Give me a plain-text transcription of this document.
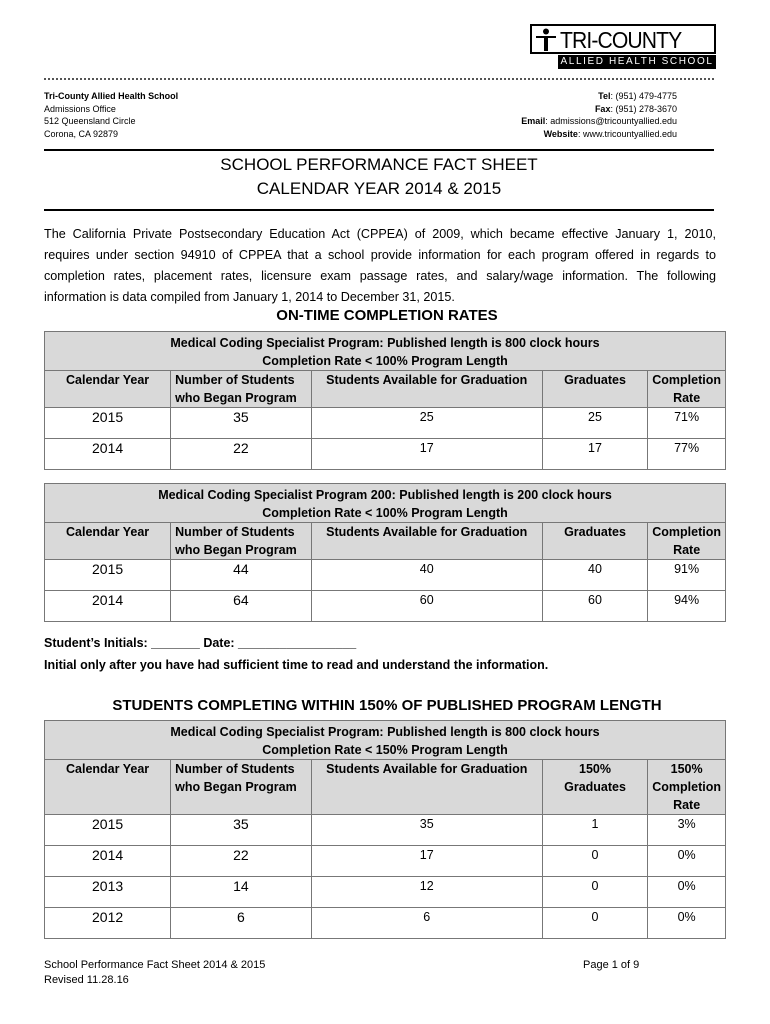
TRI-COUNTY
ALLIED HEALTH SCHOOL
Tri-County Allied Health School
Admissions Office
512 Queensland Circle
Corona, CA 92879
Tel: (951) 479-4775
Fax: (951) 278-3670
Email: admissions@tricountyallied.edu
Website: www.tricountyallied.edu
SCHOOL PERFORMANCE FACT SHEET
CALENDAR YEAR 2014 & 2015
The California Private Postsecondary Education Act (CPPEA) of 2009, which became effective January 1, 2010, requires under section 94910 of CPPEA that a school provide information for each program offered in regards to completion rates, placement rates, licensure exam passage rates, and salary/wage information. The following information is data compiled from January 1, 2014 to December 31, 2015.
ON-TIME COMPLETION RATES
Medical Coding Specialist Program: Published length is 800 clock hours
Completion Rate < 100% Program Length				

Calendar Year	Number of Students who Began Program	Students Available for Graduation	Graduates	Completion Rate
2015	35	25	25	71%
2014	22	17	17	77%
Medical Coding Specialist Program 200: Published length is 200 clock hours
Completion Rate < 100% Program Length				

Calendar Year	Number of Students who Began Program	Students Available for Graduation	Graduates	Completion Rate
2015	44	40	40	91%
2014	64	60	60	94%
Student’s Initials: _______ Date: _________________
Initial only after you have had sufficient time to read and understand the information.
STUDENTS COMPLETING WITHIN 150% OF PUBLISHED PROGRAM LENGTH
Medical Coding Specialist Program: Published length is 800 clock hours
Completion Rate < 150% Program Length				

Calendar Year	Number of Students who Began Program	Students Available for Graduation	150% Graduates	150% Completion Rate
2015	35	35	1	3%
2014	22	17	0	0%
2013	14	12	0	0%
2012	6	6	0	0%
School Performance Fact Sheet 2014 & 2015
Revised 11.28.16
Page 1 of 9
